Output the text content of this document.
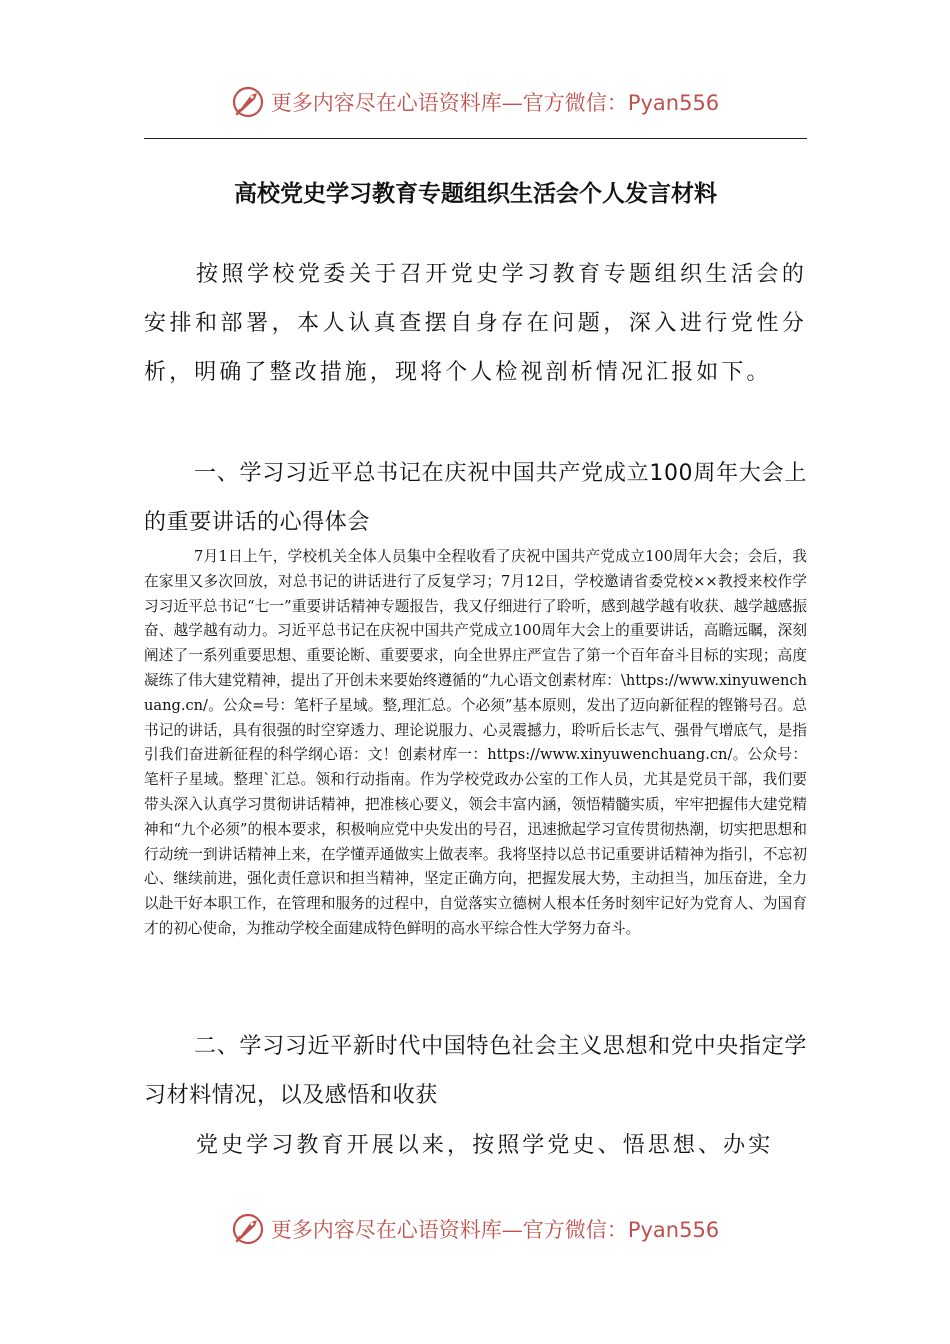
更多内容尽在心语资料库—官方微信：Pyan556
高校党史学习教育专题组织生活会个人发言材料

按照学校党委关于召开党史学习教育专题组织生活会的安排和部署，本人认真查摆自身存在问题，深入进行党性分析，明确了整改措施，现将个人检视剖析情况汇报如下。

一、学习习近平总书记在庆祝中国共产党成立100周年大会上的重要讲话的心得体会

7月1日上午，学校机关全体人员集中全程收看了庆祝中国共产党成立100周年大会；会后，我在家里又多次回放，对总书记的讲话进行了反复学习；7月12日，学校邀请省委党校××教授来校作学习习近平总书记“七一”重要讲话精神专题报告，我又仔细进行了聆听，感到越学越有收获、越学越感振奋、越学越有动力。习近平总书记在庆祝中国共产党成立100周年大会上的重要讲话，高瞻远瞩，深刻阐述了一系列重要思想、重要论断、重要要求，向全世界庄严宣告了第一个百年奋斗目标的实现；高度凝练了伟大建党精神，提出了开创未来要始终遵循的“九心语文创素材库：\https://www.xinyuwenchuang.cn/。公众=号：笔杆子星域。整,理汇总。个必须”基本原则，发出了迈向新征程的铿锵号召。总书记的讲话，具有很强的时空穿透力、理论说服力、心灵震撼力，聆听后长志气、强骨气增底气，是指引我们奋进新征程的科学纲心语：文！创素材库一：https://www.xinyuwenchuang.cn/。公众号：笔杆子星域。整理`汇总。领和行动指南。作为学校党政办公室的工作人员，尤其是党员干部，我们要带头深入认真学习贯彻讲话精神，把准核心要义，领会丰富内涵，领悟精髓实质，牢牢把握伟大建党精神和“九个必须”的根本要求，积极响应党中央发出的号召，迅速掀起学习宣传贯彻热潮，切实把思想和行动统一到讲话精神上来，在学懂弄通做实上做表率。我将坚持以总书记重要讲话精神为指引，不忘初心、继续前进，强化责任意识和担当精神，坚定正确方向，把握发展大势，主动担当，加压奋进，全力以赴干好本职工作，在管理和服务的过程中，自觉落实立德树人根本任务时刻牢记好为党育人、为国育才的初心使命，为推动学校全面建成特色鲜明的高水平综合性大学努力奋斗。

二、学习习近平新时代中国特色社会主义思想和党中央指定学习材料情况，以及感悟和收获

党史学习教育开展以来，按照学党史、悟思想、办实

更多内容尽在心语资料库—官方微信：Pyan556
